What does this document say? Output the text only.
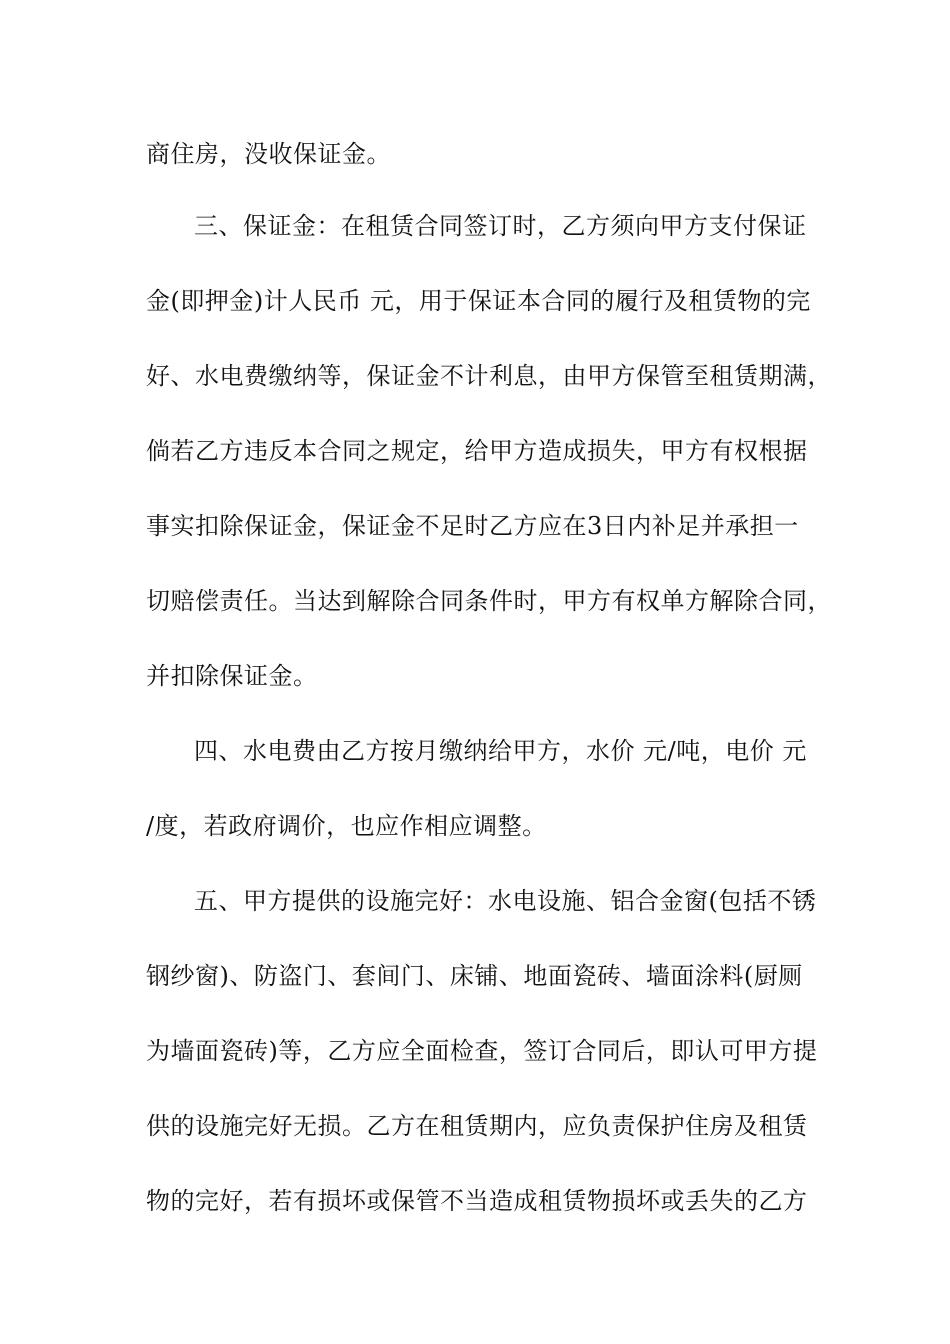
商住房，没收保证金。
三、保证金：在租赁合同签订时，乙方须向甲方支付保证
金(即押金)计人民币 元，用于保证本合同的履行及租赁物的完
好、水电费缴纳等，保证金不计利息，由甲方保管至租赁期满，
倘若乙方违反本合同之规定，给甲方造成损失，甲方有权根据
事实扣除保证金，保证金不足时乙方应在3日内补足并承担一
切赔偿责任。当达到解除合同条件时，甲方有权单方解除合同，
并扣除保证金。
四、水电费由乙方按月缴纳给甲方，水价 元/吨，电价 元
/度，若政府调价，也应作相应调整。
五、甲方提供的设施完好：水电设施、铝合金窗(包括不锈
钢纱窗)、防盗门、套间门、床铺、地面瓷砖、墙面涂料(厨厕
为墙面瓷砖)等，乙方应全面检查，签订合同后，即认可甲方提
供的设施完好无损。乙方在租赁期内，应负责保护住房及租赁
物的完好，若有损坏或保管不当造成租赁物损坏或丢失的乙方
